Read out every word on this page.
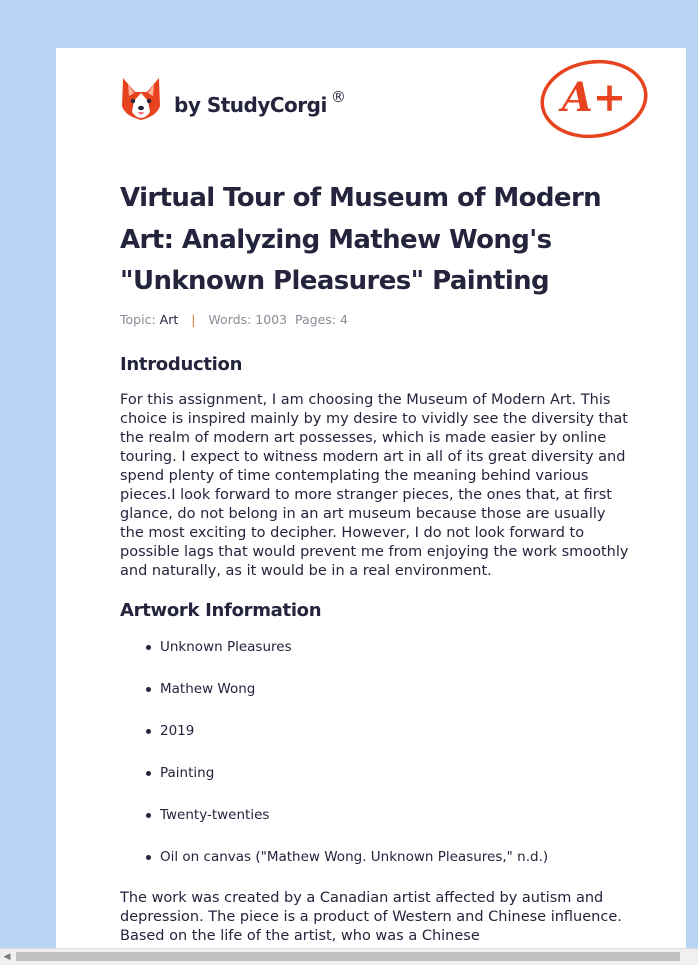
by StudyCorgi ®	A+
Virtual Tour of Museum of Modern Art: Analyzing Mathew Wong's "Unknown Pleasures" Painting
Topic: Art | Words: 1003 Pages: 4
Introduction

For this assignment, I am choosing the Museum of Modern Art. This choice is inspired mainly by my desire to vividly see the diversity that the realm of modern art possesses, which is made easier by online touring. I expect to witness modern art in all of its great diversity and spend plenty of time contemplating the meaning behind various pieces.I look forward to more stranger pieces, the ones that, at first glance, do not belong in an art museum because those are usually the most exciting to decipher. However, I do not look forward to possible lags that would prevent me from enjoying the work smoothly and naturally, as it would be in a real environment.

Artwork Information
Unknown Pleasures
Mathew Wong
2019
Painting
Twenty-twenties
Oil on canvas ("Mathew Wong. Unknown Pleasures," n.d.)

The work was created by a Canadian artist affected by autism and depression. The piece is a product of Western and Chinese influence. Based on the life of the artist, who was a Chinese

◀
